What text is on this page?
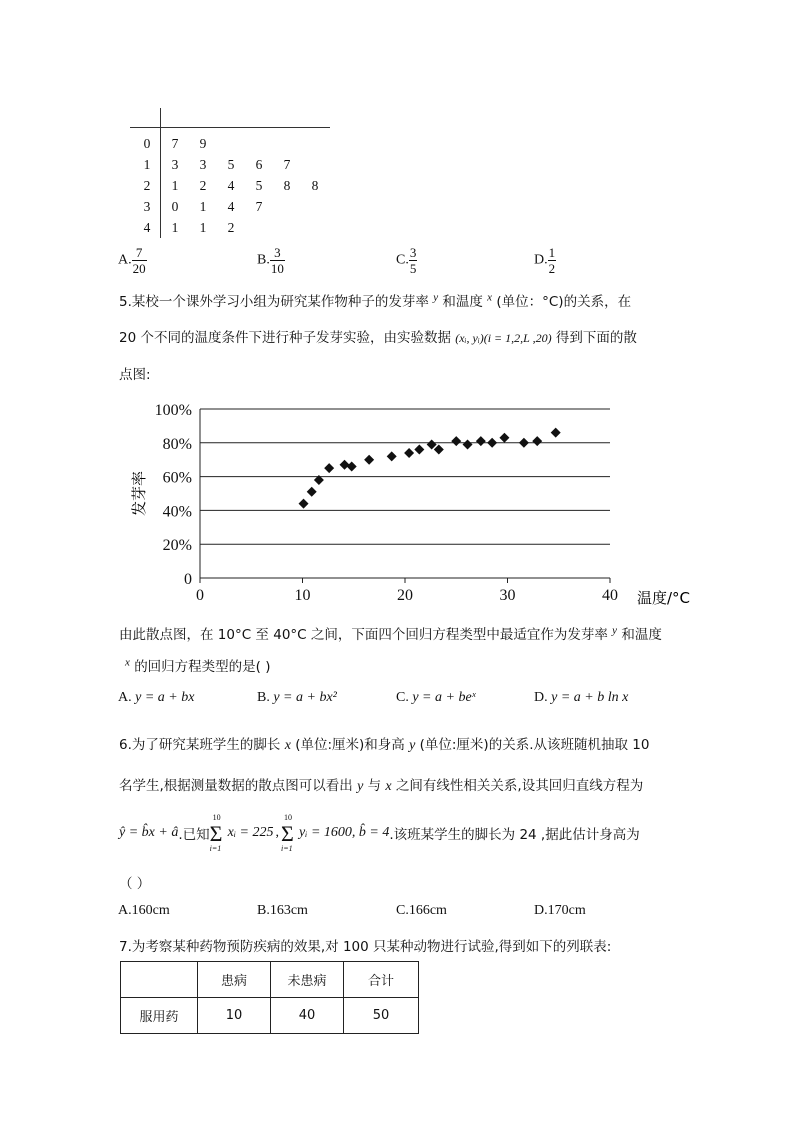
0 7 9
1 3 3 5 6 7
2 1 2 4 5 8 8
3 0 1 4 7
4 1 1 2
A. $\frac{7}{20}$	B. $\frac{3}{10}$	C. $\frac{3}{5}$	D. $\frac{1}{2}$
5.某校一个课外学习小组为研究某作物种子的发芽率 $^y$ 和温度 $^x$ (单位：°C)的关系，在
20 个不同的温度条件下进行种子发芽实验，由实验数据 (xᵢ, yᵢ)(i = 1,2,L ,20) 得到下面的散
点图:
0
20%
40%
60%
80%
100%
0	10	20	30	40
发芽率
温度/°C
由此散点图，在 10°C 至 40°C 之间，下面四个回归方程类型中最适宜作为发芽率 $^y$ 和温度
$^x$ 的回归方程类型的是( )
A. y = a + bx	B. y = a + bx²	C. y = a + beˣ	D. y = a + b ln x
6.为了研究某班学生的脚长 x (单位:厘米)和身高 y (单位:厘米)的关系.从该班随机抽取 10
名学生,根据测量数据的散点图可以看出 y 与 x 之间有线性相关关系,设其回归直线方程为
ŷ = b̂x + â .已知
10
Σ
i=1
xᵢ = 225 ,
10
Σ
i=1
yᵢ = 1600 , b̂ = 4 .该班某学生的脚长为 24 ,据此估计身高为
（ ）
A.160cm	B.163cm	C.166cm	D.170cm
7.为考察某种药物预防疾病的效果,对 100 只某种动物进行试验,得到如下的列联表:
	患病	未患病	合计
服用药	10	40	50
